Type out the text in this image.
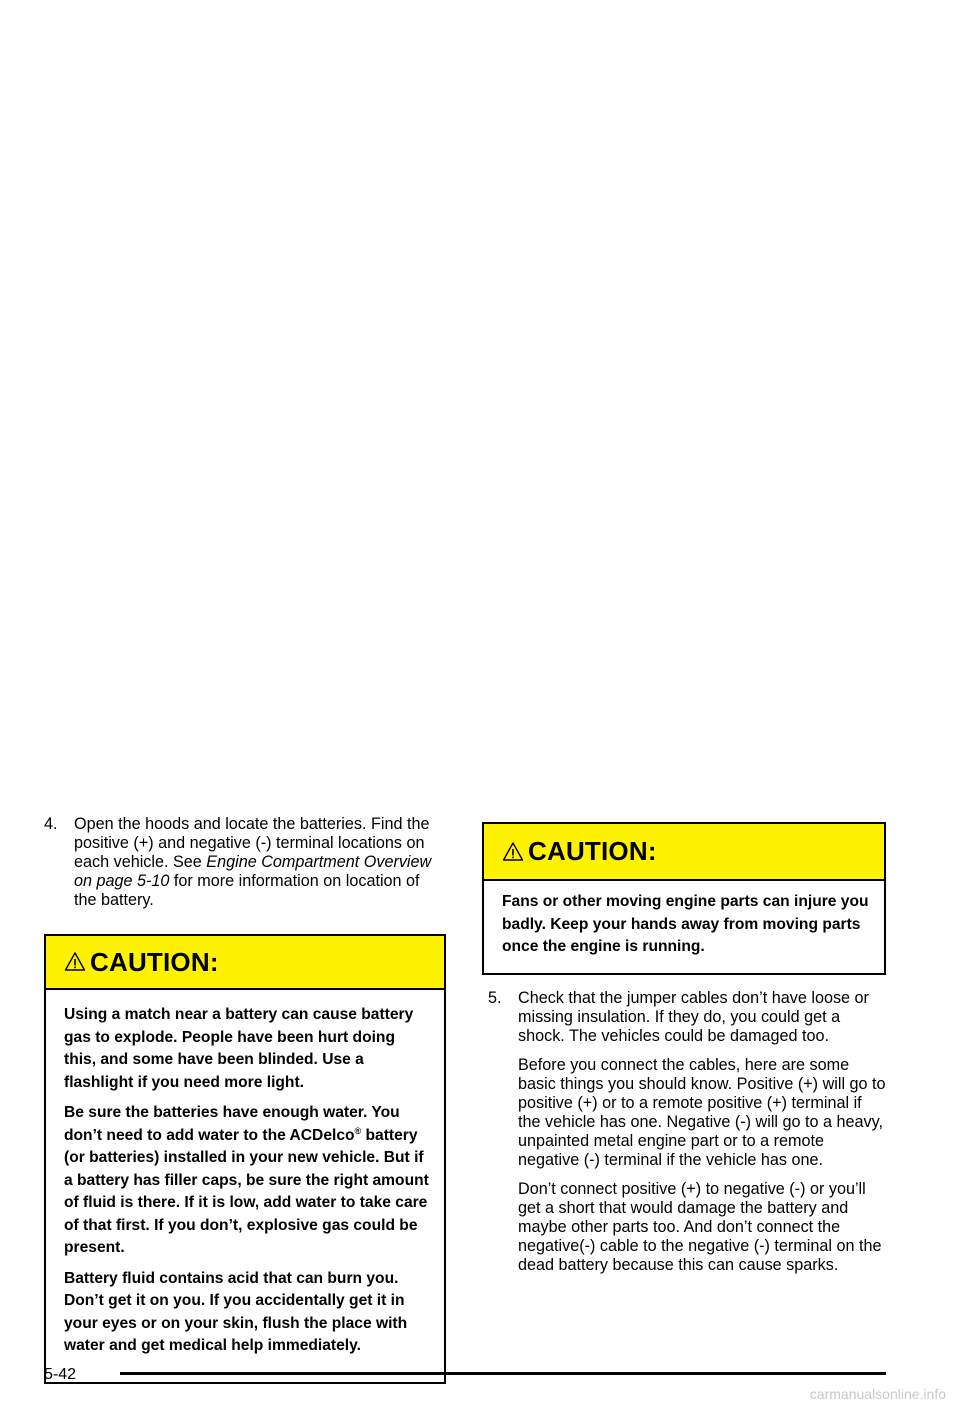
4. Open the hoods and locate the batteries. Find the positive (+) and negative (-) terminal locations on each vehicle. See Engine Compartment Overview on page 5-10 for more information on location of the battery.

CAUTION:

Using a match near a battery can cause battery gas to explode. People have been hurt doing this, and some have been blinded. Use a flashlight if you need more light.

Be sure the batteries have enough water. You don’t need to add water to the ACDelco® battery (or batteries) installed in your new vehicle. But if a battery has filler caps, be sure the right amount of fluid is there. If it is low, add water to take care of that first. If you don’t, explosive gas could be present.

Battery fluid contains acid that can burn you. Don’t get it on you. If you accidentally get it in your eyes or on your skin, flush the place with water and get medical help immediately.

CAUTION:

Fans or other moving engine parts can injure you badly. Keep your hands away from moving parts once the engine is running.

5. Check that the jumper cables don’t have loose or missing insulation. If they do, you could get a shock. The vehicles could be damaged too.

Before you connect the cables, here are some basic things you should know. Positive (+) will go to positive (+) or to a remote positive (+) terminal if the vehicle has one. Negative (-) will go to a heavy, unpainted metal engine part or to a remote negative (-) terminal if the vehicle has one.

Don’t connect positive (+) to negative (-) or you’ll get a short that would damage the battery and maybe other parts too. And don’t connect the negative(-) cable to the negative (-) terminal on the dead battery because this can cause sparks.

5-42
carmanualsonline.info
